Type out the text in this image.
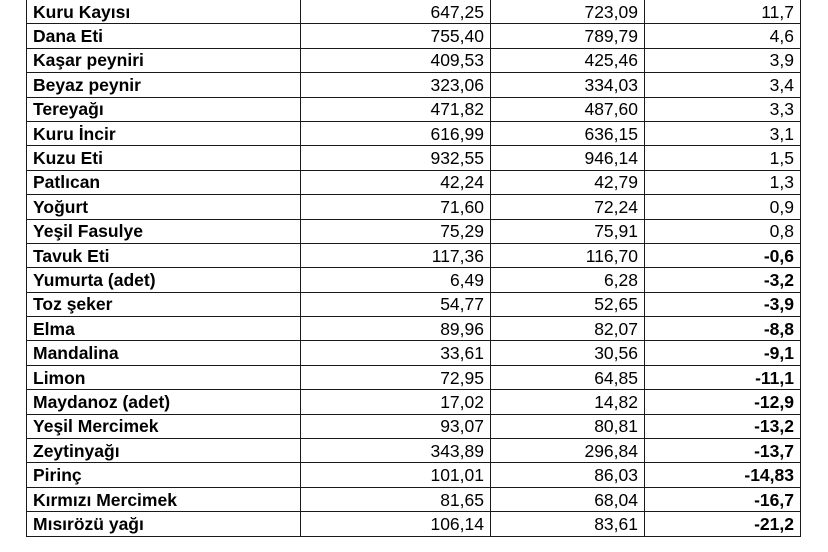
Kuru Kayısı	647,25	723,09	11,7
Dana Eti	755,40	789,79	4,6
Kaşar peyniri	409,53	425,46	3,9
Beyaz peynir	323,06	334,03	3,4
Tereyağı	471,82	487,60	3,3
Kuru İncir	616,99	636,15	3,1
Kuzu Eti	932,55	946,14	1,5
Patlıcan	42,24	42,79	1,3
Yoğurt	71,60	72,24	0,9
Yeşil Fasulye	75,29	75,91	0,8
Tavuk Eti	117,36	116,70	-0,6
Yumurta (adet)	6,49	6,28	-3,2
Toz şeker	54,77	52,65	-3,9
Elma	89,96	82,07	-8,8
Mandalina	33,61	30,56	-9,1
Limon	72,95	64,85	-11,1
Maydanoz (adet)	17,02	14,82	-12,9
Yeşil Mercimek	93,07	80,81	-13,2
Zeytinyağı	343,89	296,84	-13,7
Pirinç	101,01	86,03	-14,83
Kırmızı Mercimek	81,65	68,04	-16,7
Mısırözü yağı	106,14	83,61	-21,2
